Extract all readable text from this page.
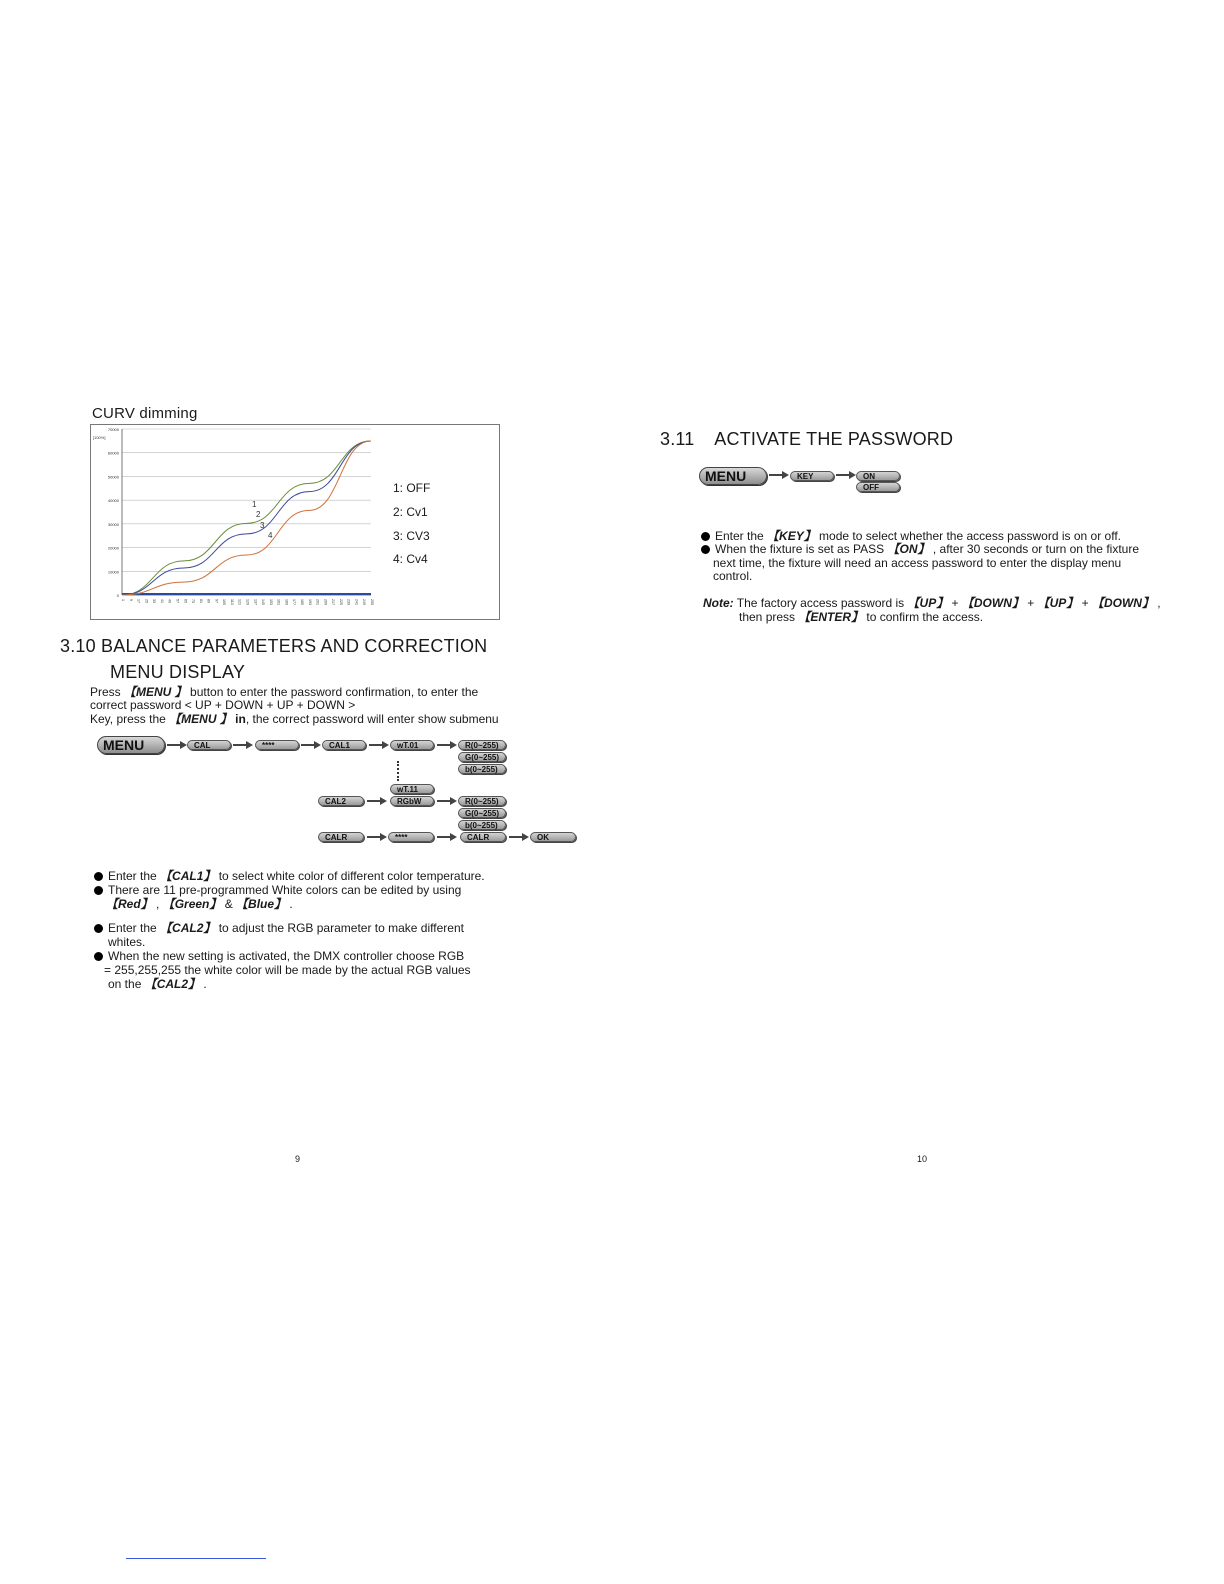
CURV dimming
70000
60000
50000
40000
30000
20000
10000
0
[100%]
1 9 17 25 33 41 49 57 65 73 81 89 97 105 113 121 129 137 145 153 161 169 177 185 193 201 209 217 225 233 241 249 255
1
2
3
4
1: OFF
2: Cv1
3: CV3
4: Cv4
3.10 BALANCE PARAMETERS AND CORRECTION
MENU DISPLAY
Press 【MENU 】 button to enter the password confirmation, to enter the
correct password < UP + DOWN + UP + DOWN >
Key, press the 【MENU 】 in, the correct password will enter show submenu
MENU	CAL	****	CAL1	wT.01	R(0~255)
G(0~255)
b(0~255)
wT.11
CAL2	RGbW	R(0~255)
G(0~255)
b(0~255)
CALR	****	CALR	OK
Enter the 【CAL1】 to select white color of different color temperature.
There are 11 pre-programmed White colors can be edited by using
【Red】 , 【Green】 & 【Blue】 .
Enter the 【CAL2】 to adjust the RGB parameter to make different
whites.
When the new setting is activated, the DMX controller choose RGB
= 255,255,255 the white color will be made by the actual RGB values
on the 【CAL2】 .
9
3.11    ACTIVATE THE PASSWORD
MENU	KEY	ON
OFF
Enter the 【KEY】 mode to select whether the access password is on or off.
When the fixture is set as PASS 【ON】 , after 30 seconds or turn on the fixture
next time, the fixture will need an access password to enter the display menu
control.
Note: The factory access password is 【UP】 + 【DOWN】 + 【UP】 + 【DOWN】 ,
then press 【ENTER】 to confirm the access.
10
